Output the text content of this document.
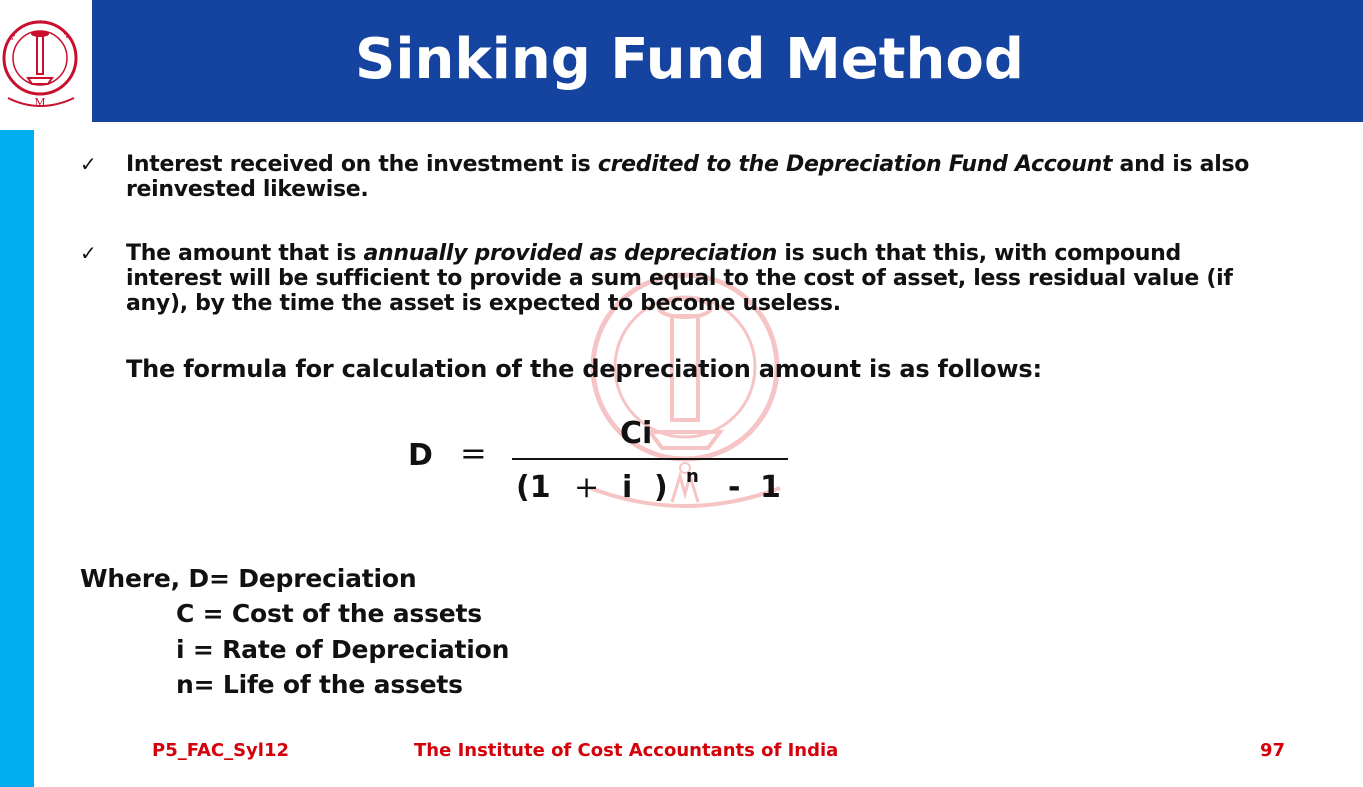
Sinking Fund Method
M
✓ Interest received on the investment is credited to the Depreciation Fund Account and is also
reinvested likewise.
✓ The amount that is annually provided as depreciation is such that this, with compound
interest will be sufficient to provide a sum equal to the cost of asset, less residual value (if
any), by the time the asset is expected to become useless.
The formula for calculation of the depreciation amount is as follows:
D =
Ci
(1 + i ) n - 1
Where, D= Depreciation
C = Cost of the assets
i = Rate of Depreciation
n= Life of the assets
P5_FAC_Syl12	The Institute of Cost Accountants of India	97
